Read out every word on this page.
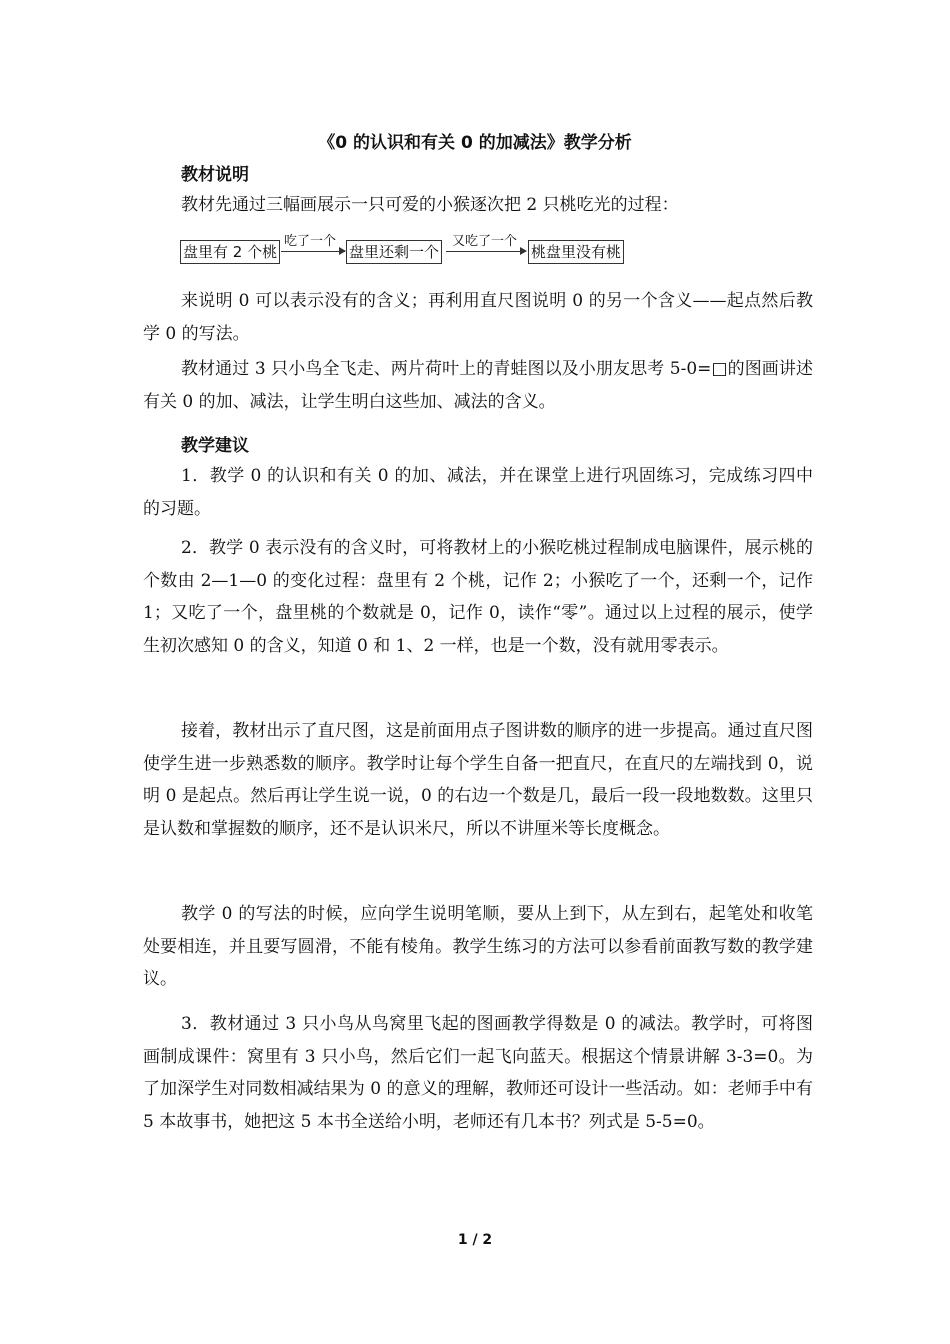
《0 的认识和有关 0 的加减法》教学分析
教材说明
教材先通过三幅画展示一只可爱的小猴逐次把 2 只桃吃光的过程：
盘里有 2 个桃
吃了一个
盘里还剩一个
又吃了一个
桃盘里没有桃
来说明 0 可以表示没有的含义；再利用直尺图说明 0 的另一个含义——起点然后教学 0 的写法。
教材通过 3 只小鸟全飞走、两片荷叶上的青蛙图以及小朋友思考 5-0=□的图画讲述有关 0 的加、减法，让学生明白这些加、减法的含义。
教学建议
1．教学 0 的认识和有关 0 的加、减法，并在课堂上进行巩固练习，完成练习四中的习题。
2．教学 0 表示没有的含义时，可将教材上的小猴吃桃过程制成电脑课件，展示桃的个数由 2—1—0 的变化过程：盘里有 2 个桃，记作 2；小猴吃了一个，还剩一个，记作 1；又吃了一个，盘里桃的个数就是 0，记作 0，读作“零”。通过以上过程的展示，使学生初次感知 0 的含义，知道 0 和 1、2 一样，也是一个数，没有就用零表示。
接着，教材出示了直尺图，这是前面用点子图讲数的顺序的进一步提高。通过直尺图使学生进一步熟悉数的顺序。教学时让每个学生自备一把直尺，在直尺的左端找到 0，说明 0 是起点。然后再让学生说一说，0 的右边一个数是几，最后一段一段地数数。这里只是认数和掌握数的顺序，还不是认识米尺，所以不讲厘米等长度概念。
教学 0 的写法的时候，应向学生说明笔顺，要从上到下，从左到右，起笔处和收笔处要相连，并且要写圆滑，不能有棱角。教学生练习的方法可以参看前面教写数的教学建议。
3．教材通过 3 只小鸟从鸟窝里飞起的图画教学得数是 0 的减法。教学时，可将图画制成课件：窝里有 3 只小鸟，然后它们一起飞向蓝天。根据这个情景讲解 3-3=0。为了加深学生对同数相减结果为 0 的意义的理解，教师还可设计一些活动。如：老师手中有 5 本故事书，她把这 5 本书全送给小明，老师还有几本书？列式是 5-5=0。
1 / 2
